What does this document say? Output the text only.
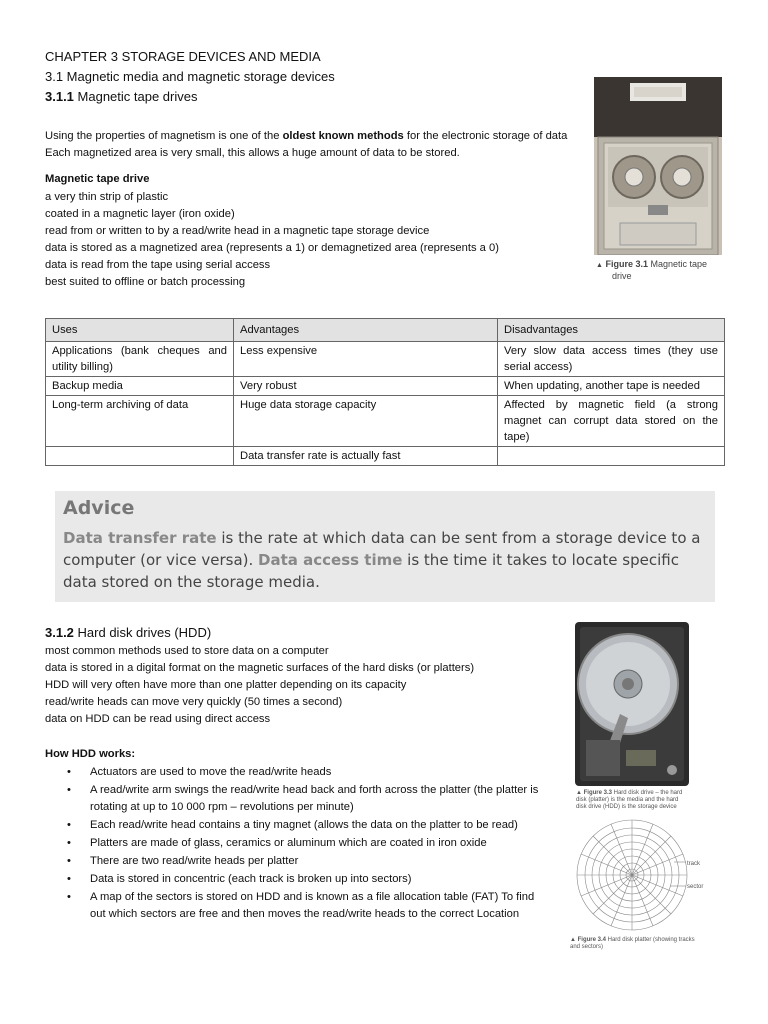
CHAPTER 3 STORAGE DEVICES AND MEDIA
3.1 Magnetic media and magnetic storage devices
3.1.1 Magnetic tape drives
Using the properties of magnetism is one of the oldest known methods for the electronic storage of data
Each magnetized area is very small, this allows a huge amount of data to be stored.
Magnetic tape drive
a very thin strip of plastic
coated in a magnetic layer (iron oxide)
read from or written to by a read/write head in a magnetic tape storage device
data is stored as a magnetized area (represents a 1) or demagnetized area (represents a 0)
data is read from the tape using serial access
best suited to offline or batch processing
▲ Figure 3.1 Magnetic tape
drive
Uses	Advantages	Disadvantages
Applications (bank cheques and utility billing)	Less expensive	Very slow data access times (they use serial access)
Backup media	Very robust	When updating, another tape is needed
Long-term archiving of data	Huge data storage capacity	Affected by magnetic field (a strong magnet can corrupt data stored on the tape)
	Data transfer rate is actually fast	
Advice
Data transfer rate is the rate at which data can be sent from a storage device to a computer (or vice versa). Data access time is the time it takes to locate specific data stored on the storage media.
3.1.2 Hard disk drives (HDD)
most common methods used to store data on a computer
data is stored in a digital format on the magnetic surfaces of the hard disks (or platters)
HDD will very often have more than one platter depending on its capacity
read/write heads can move very quickly (50 times a second)
data on HDD can be read using direct access
How HDD works:
• Actuators are used to move the read/write heads
• A read/write arm swings the read/write head back and forth across the platter (the platter is rotating at up to 10 000 rpm – revolutions per minute)
• Each read/write head contains a tiny magnet (allows the data on the platter to be read)
• Platters are made of glass, ceramics or aluminum which are coated in iron oxide
• There are two read/write heads per platter
• Data is stored in concentric (each track is broken up into sectors)
• A map of the sectors is stored on HDD and is known as a file allocation table (FAT) To find out which sectors are free and then moves the read/write heads to the correct Location
▲ Figure 3.3 Hard disk drive – the hard disk (platter) is the media and the hard disk drive (HDD) is the storage device
track
sector
▲ Figure 3.4 Hard disk platter (showing tracks and sectors)
